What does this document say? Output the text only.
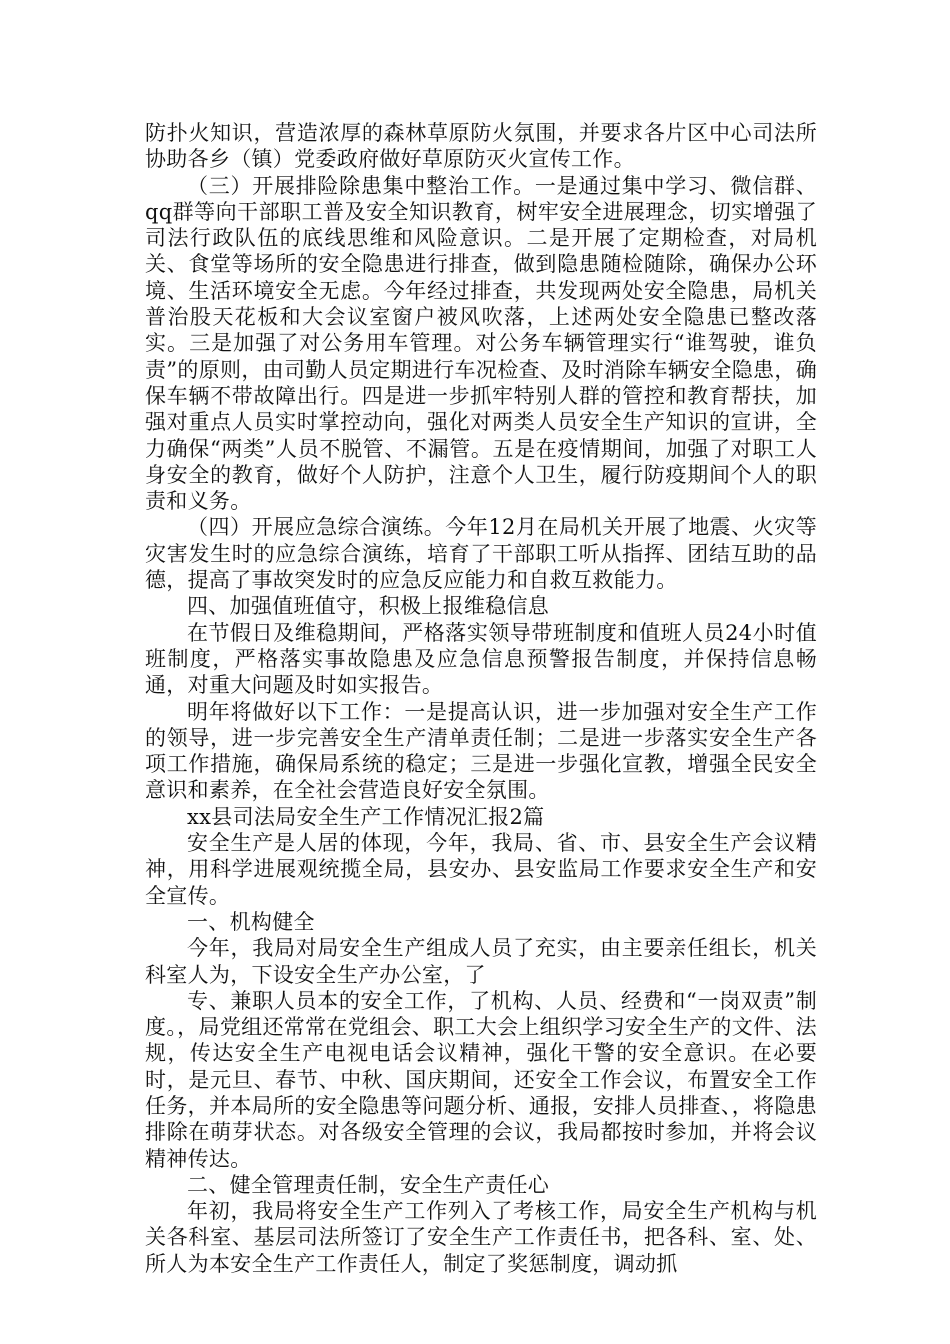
防扑火知识，营造浓厚的森林草原防火氛围，并要求各片区中心司法所协助各乡（镇）党委政府做好草原防灭火宣传工作。

（三）开展排险除患集中整治工作。一是通过集中学习、微信群、qq群等向干部职工普及安全知识教育，树牢安全进展理念，切实增强了司法行政队伍的底线思维和风险意识。二是开展了定期检查，对局机关、食堂等场所的安全隐患进行排查，做到隐患随检随除，确保办公环境、生活环境安全无虑。今年经过排查，共发现两处安全隐患，局机关普治股天花板和大会议室窗户被风吹落，上述两处安全隐患已整改落实。三是加强了对公务用车管理。对公务车辆管理实行“谁驾驶，谁负责”的原则，由司勤人员定期进行车况检查、及时消除车辆安全隐患，确保车辆不带故障出行。四是进一步抓牢特别人群的管控和教育帮扶，加强对重点人员实时掌控动向，强化对两类人员安全生产知识的宣讲，全力确保“两类”人员不脱管、不漏管。五是在疫情期间，加强了对职工人身安全的教育，做好个人防护，注意个人卫生，履行防疫期间个人的职责和义务。

（四）开展应急综合演练。今年12月在局机关开展了地震、火灾等灾害发生时的应急综合演练，培育了干部职工听从指挥、团结互助的品德，提高了事故突发时的应急反应能力和自救互救能力。

四、加强值班值守，积极上报维稳信息

在节假日及维稳期间，严格落实领导带班制度和值班人员24小时值班制度，严格落实事故隐患及应急信息预警报告制度，并保持信息畅通，对重大问题及时如实报告。

明年将做好以下工作：一是提高认识，进一步加强对安全生产工作的领导，进一步完善安全生产清单责任制；二是进一步落实安全生产各项工作措施，确保局系统的稳定；三是进一步强化宣教，增强全民安全意识和素养，在全社会营造良好安全氛围。

xx县司法局安全生产工作情况汇报2篇

安全生产是人居的体现，今年，我局、省、市、县安全生产会议精神，用科学进展观统揽全局，县安办、县安监局工作要求安全生产和安全宣传。

一、机构健全

今年，我局对局安全生产组成人员了充实，由主要亲任组长，机关科室人为，下设安全生产办公室，了

专、兼职人员本的安全工作，了机构、人员、经费和“一岗双责”制度。，局党组还常常在党组会、职工大会上组织学习安全生产的文件、法规，传达安全生产电视电话会议精神，强化干警的安全意识。在必要时，是元旦、春节、中秋、国庆期间，还安全工作会议，布置安全工作任务，并本局所的安全隐患等问题分析、通报，安排人员排查、，将隐患排除在萌芽状态。对各级安全管理的会议，我局都按时参加，并将会议精神传达。

二、健全管理责任制，安全生产责任心

年初，我局将安全生产工作列入了考核工作，局安全生产机构与机关各科室、基层司法所签订了安全生产工作责任书，把各科、室、处、所人为本安全生产工作责任人，制定了奖惩制度，调动抓
